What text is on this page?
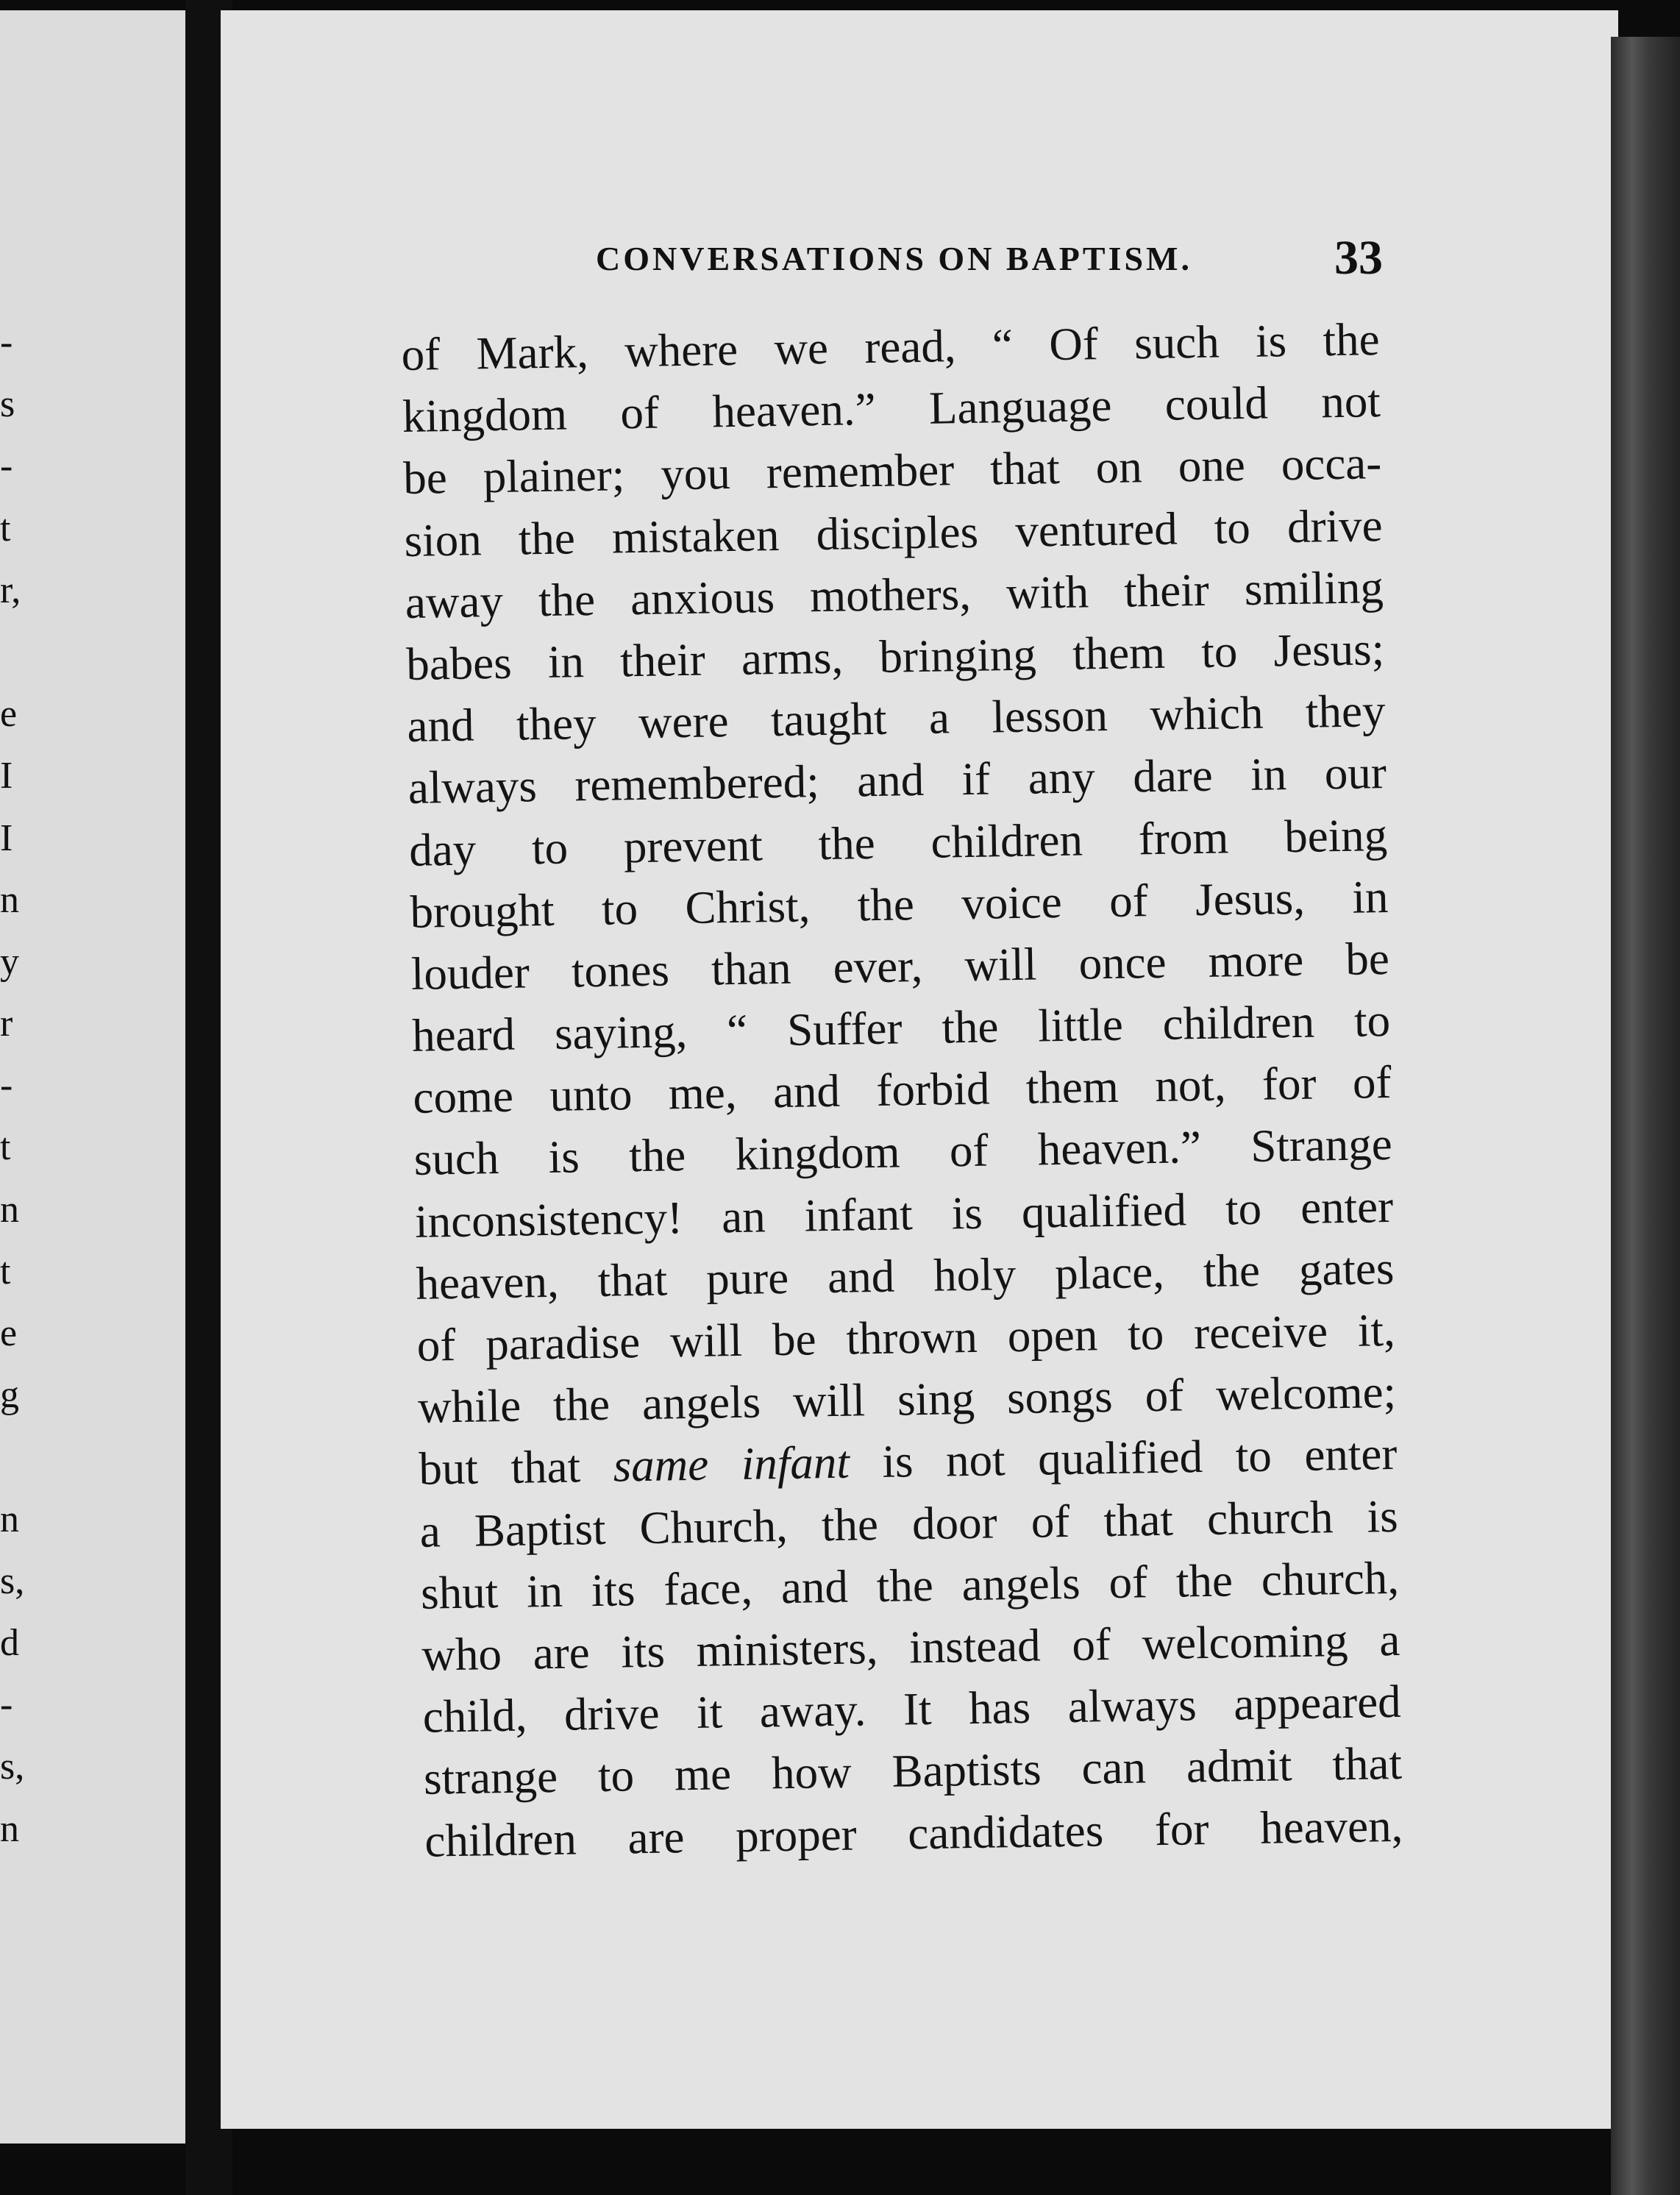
-
s
-
t
r,
e
I
I
n
y
r
-
t
n
t
e
g
n
s,
d
-
s,
n
CONVERSATIONS ON BAPTISM.	33
of Mark, where we read, “ Of such is the
kingdom of heaven.” Language could not
be plainer; you remember that on one occa-
sion the mistaken disciples ventured to drive
away the anxious mothers, with their smiling
babes in their arms, bringing them to Jesus;
and they were taught a lesson which they
always remembered; and if any dare in our
day to prevent the children from being
brought to Christ, the voice of Jesus, in
louder tones than ever, will once more be
heard saying, “ Suffer the little children to
come unto me, and forbid them not, for of
such is the kingdom of heaven.” Strange
inconsistency! an infant is qualified to enter
heaven, that pure and holy place, the gates
of paradise will be thrown open to receive it,
while the angels will sing songs of welcome;
but that same infant is not qualified to enter
a Baptist Church, the door of that church is
shut in its face, and the angels of the church,
who are its ministers, instead of welcoming a
child, drive it away. It has always appeared
strange to me how Baptists can admit that
children are proper candidates for heaven,
